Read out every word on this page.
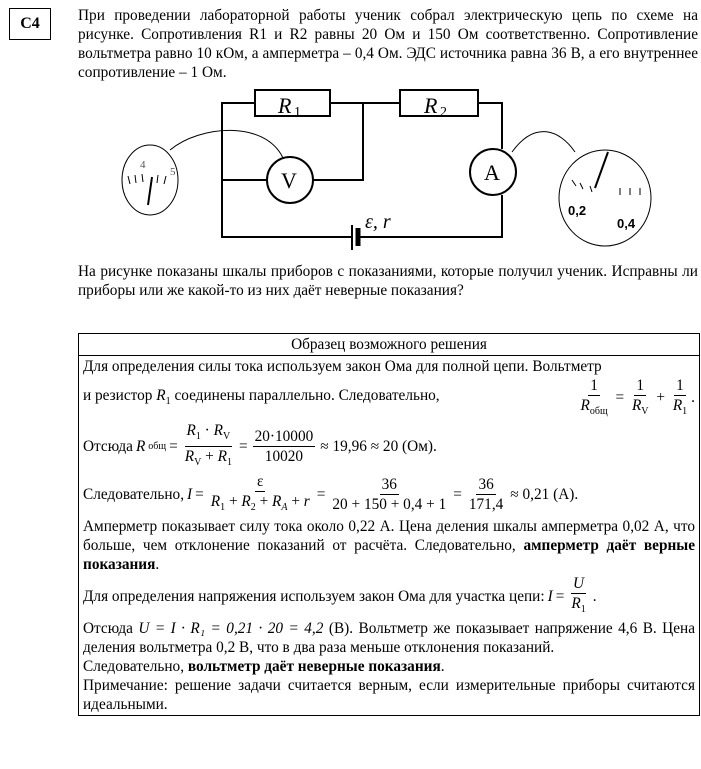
С4	При проведении лабораторной работы ученик собрал электрическую цепь по схеме на рисунке. Сопротивления R1 и R2 равны 20 Ом и 150 Ом соответственно. Сопротивление вольтметра равно 10 кОм, а амперметра – 0,4 Ом. ЭДС источника равна 36 В, а его внутреннее сопротивление – 1 Ом.
R 1	R 2
V	A
ε, r
4
5
0,2
0,4
На рисунке показаны шкалы приборов с показаниями, которые получил ученик. Исправны ли приборы или же какой-то из них даёт неверные показания?
Образец возможного решения

Для определения силы тока используем закон Ома для полной цепи. Вольтметр
и резистор $R_1$ соединены параллельно. Следовательно,
1
$R_{общ}$
= $\frac{1}{R_V} + \frac{1}{R_1}$ .
Отсюда R общ =
$R_1 \cdot R_V$
$R_V + R_1$
= $\frac{20\cdot 10000}{10020} \approx 19,96 \approx 20$ (Ом).
Следовательно, I =
ε
$R_1 + R_2 + R_A + r$ =
36
20 + 150 + 0,4 + 1
= $\frac{36}{171,4} \approx 0,21$ (А).
Амперметр показывает силу тока около 0,22 А. Цена деления шкалы амперметра 0,02 А, что больше, чем отклонение показаний от расчёта. Следовательно, амперметр даёт верные показания.
Для определения напряжения используем закон Ома для участка цепи: I =
U
$R_1$
.
Отсюда U = I · R₁ = 0,21 · 20 = 4,2 (В). Вольтметр же показывает напряжение 4,6 В. Цена деления вольтметра 0,2 В, что в два раза меньше отклонения показаний.
Следовательно, вольтметр даёт неверные показания.
Примечание: решение задачи считается верным, если измерительные приборы считаются идеальными.
